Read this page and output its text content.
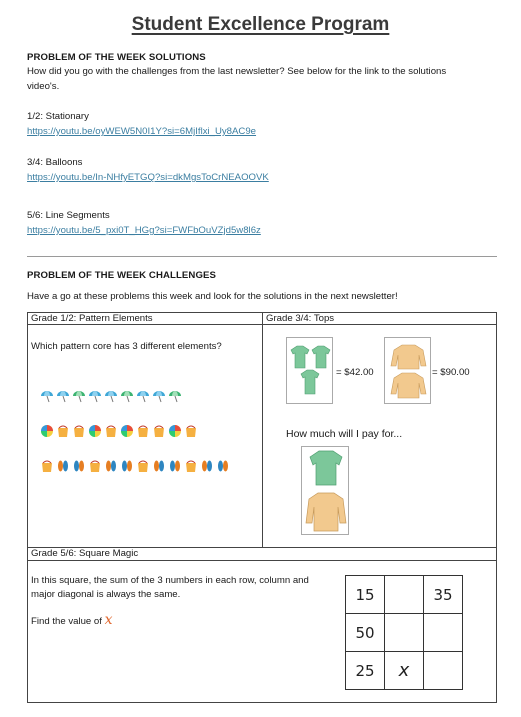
Student Excellence Program
PROBLEM OF THE WEEK SOLUTIONS
How did you go with the challenges from the last newsletter? See below for the link to the solutions
video's.
1/2: Stationary
https://youtu.be/oyWEW5N0I1Y?si=6MjIflxi_Uy8AC9e
3/4: Balloons
https://youtu.be/In-NHfyETGQ?si=dkMgsToCrNEAOOVK
5/6: Line Segments
https://youtu.be/5_pxi0T_HGg?si=FWFbOuVZjd5w8l6z
PROBLEM OF THE WEEK CHALLENGES
Have a go at these problems this week and look for the solutions in the next newsletter!
Grade 1/2: Pattern Elements	Grade 3/4: Tops
Which pattern core has 3 different elements?
= $42.00	= $90.00
How much will I pay for...
Grade 5/6: Square Magic
In this square, the sum of the 3 numbers in each row, column and
major diagonal is always the same.
Find the value of x
15		35
50		
25	x	
